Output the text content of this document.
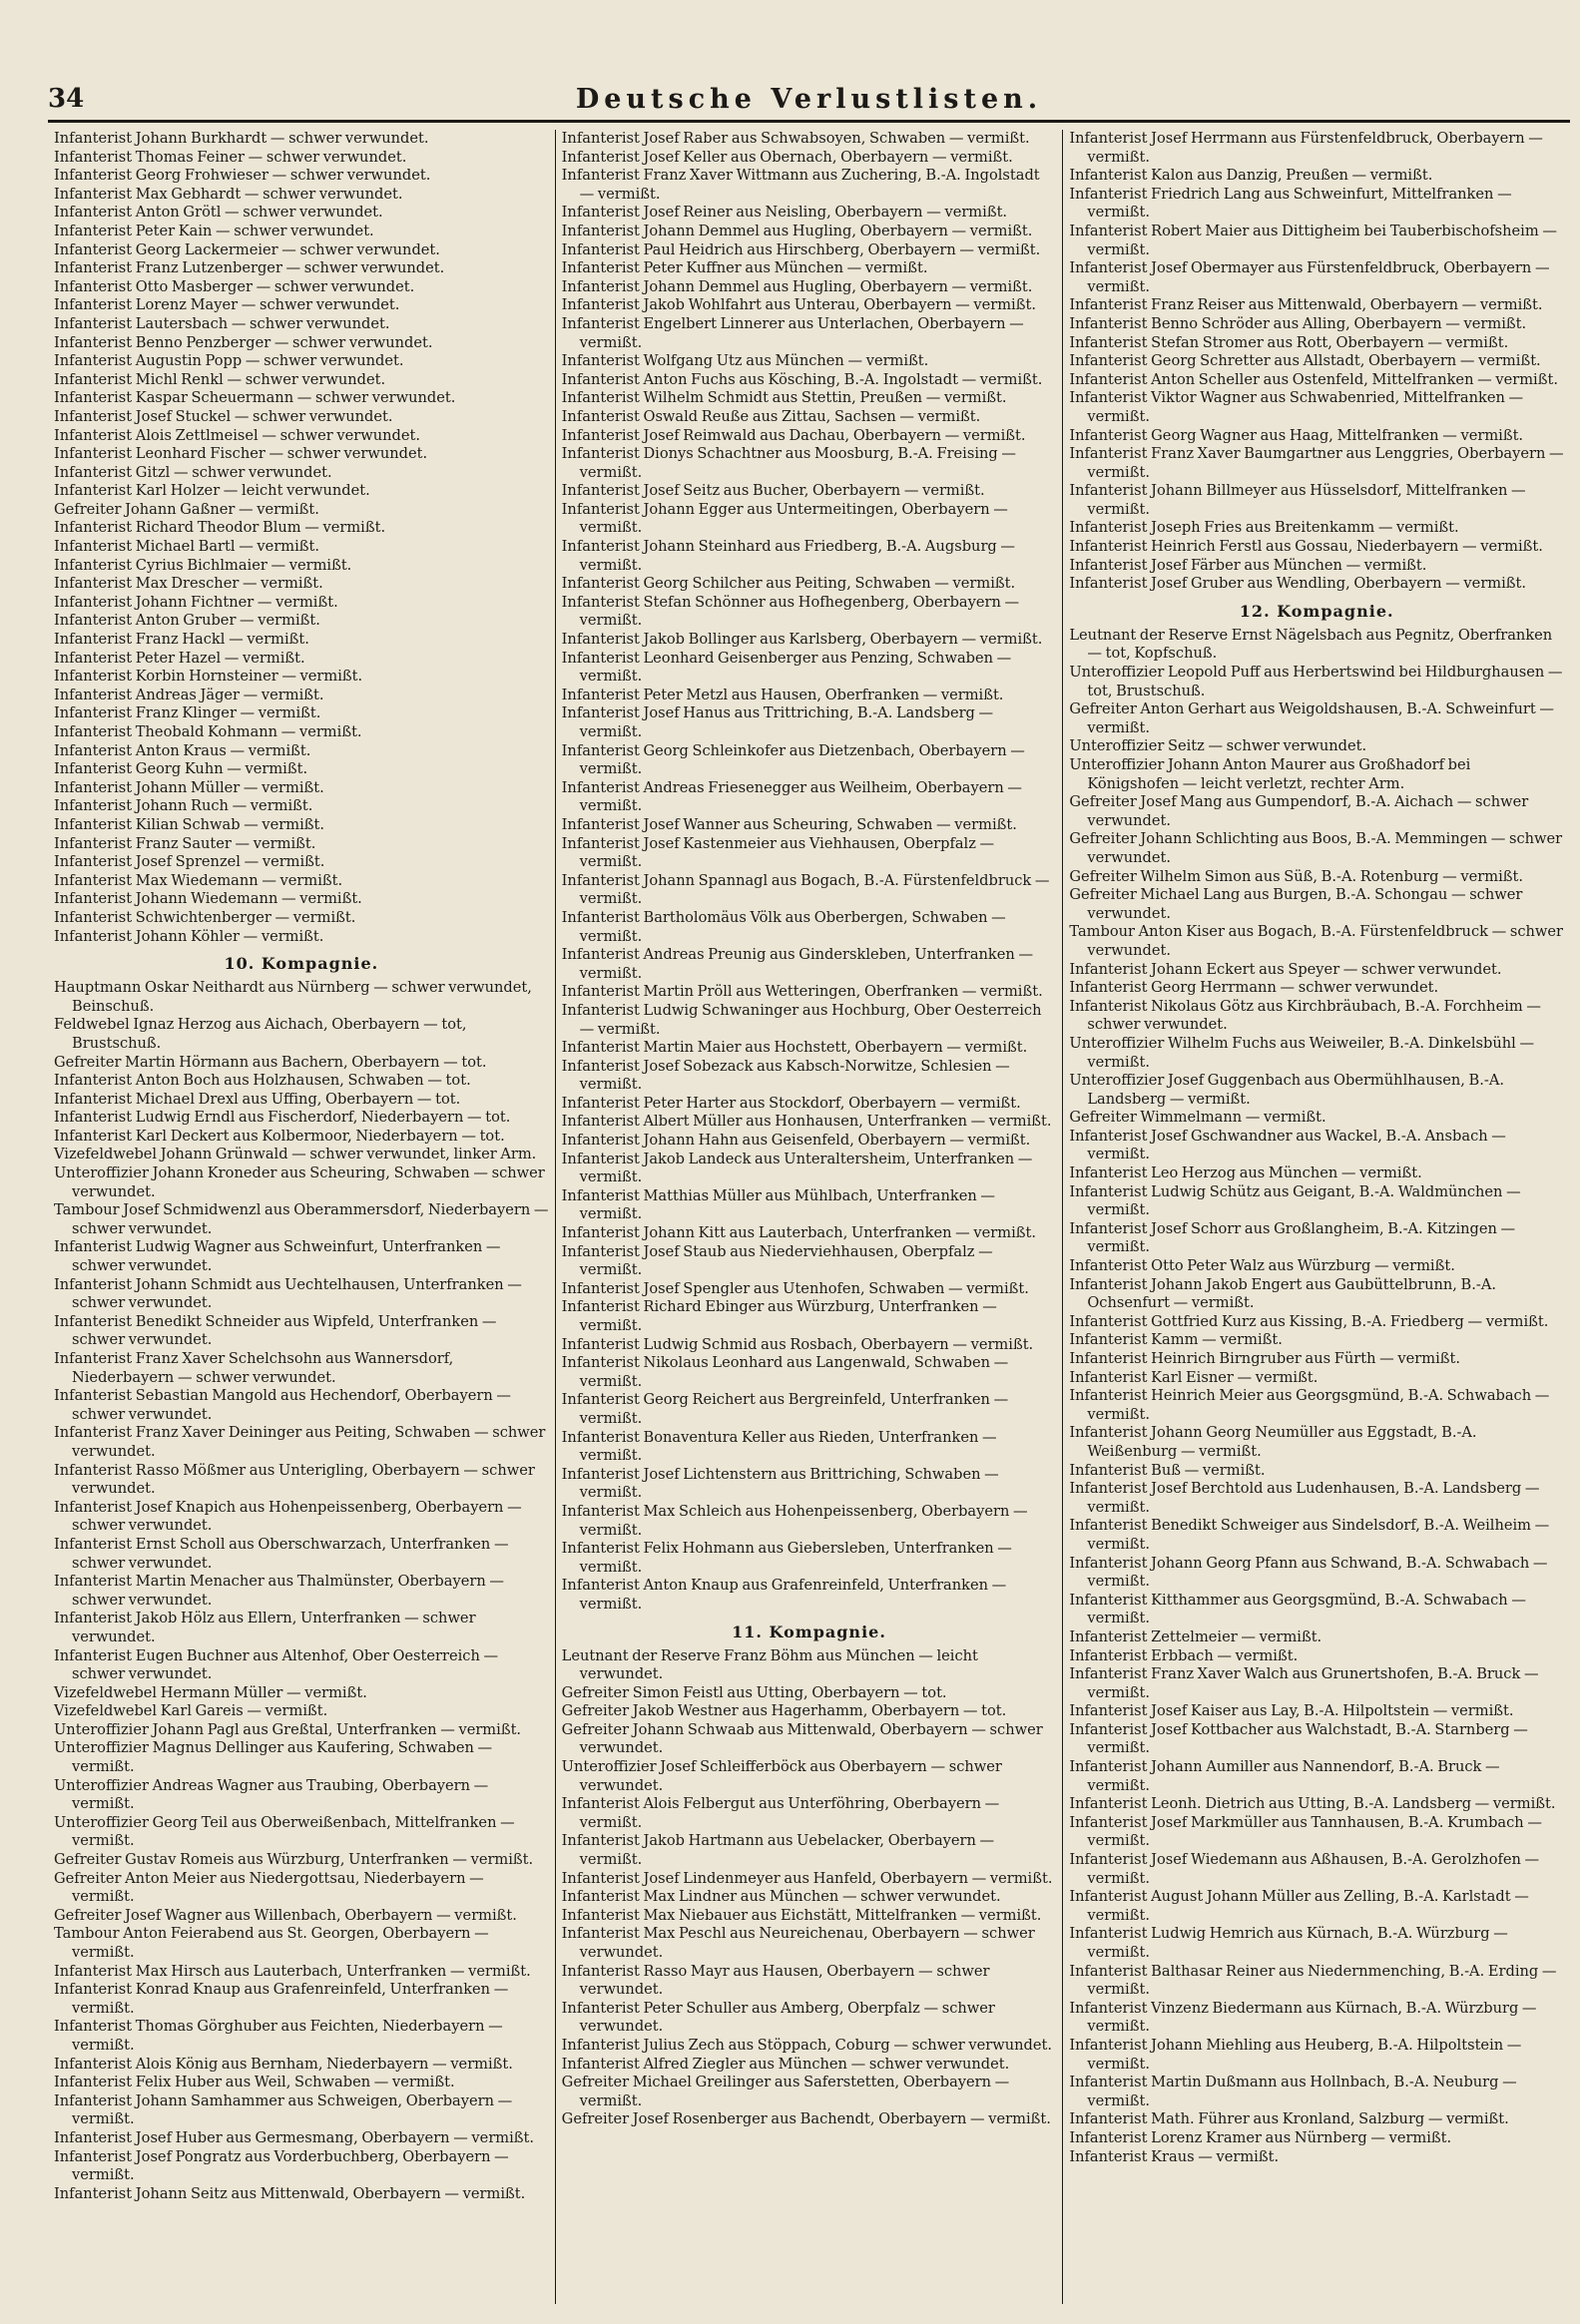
34	Deutsche Verlustlisten.
Infanterist Johann Burkhardt — schwer verwundet.
Infanterist Thomas Feiner — schwer verwundet.
Infanterist Georg Frohwieser — schwer verwundet.
Infanterist Max Gebhardt — schwer verwundet.
Infanterist Anton Grötl — schwer verwundet.
Infanterist Peter Kain — schwer verwundet.
Infanterist Georg Lackermeier — schwer verwundet.
Infanterist Franz Lutzenberger — schwer verwundet.
Infanterist Otto Masberger — schwer verwundet.
Infanterist Lorenz Mayer — schwer verwundet.
Infanterist Lautersbach — schwer verwundet.
Infanterist Benno Penzberger — schwer verwundet.
Infanterist Augustin Popp — schwer verwundet.
Infanterist Michl Renkl — schwer verwundet.
Infanterist Kaspar Scheuermann — schwer verwundet.
Infanterist Josef Stuckel — schwer verwundet.
Infanterist Alois Zettlmeisel — schwer verwundet.
Infanterist Leonhard Fischer — schwer verwundet.
Infanterist Gitzl — schwer verwundet.
Infanterist Karl Holzer — leicht verwundet.
Gefreiter Johann Gaßner — vermißt.
Infanterist Richard Theodor Blum — vermißt.
Infanterist Michael Bartl — vermißt.
Infanterist Cyrius Bichlmaier — vermißt.
Infanterist Max Drescher — vermißt.
Infanterist Johann Fichtner — vermißt.
Infanterist Anton Gruber — vermißt.
Infanterist Franz Hackl — vermißt.
Infanterist Peter Hazel — vermißt.
Infanterist Korbin Hornsteiner — vermißt.
Infanterist Andreas Jäger — vermißt.
Infanterist Franz Klinger — vermißt.
Infanterist Theobald Kohmann — vermißt.
Infanterist Anton Kraus — vermißt.
Infanterist Georg Kuhn — vermißt.
Infanterist Johann Müller — vermißt.
Infanterist Johann Ruch — vermißt.
Infanterist Kilian Schwab — vermißt.
Infanterist Franz Sauter — vermißt.
Infanterist Josef Sprenzel — vermißt.
Infanterist Max Wiedemann — vermißt.
Infanterist Johann Wiedemann — vermißt.
Infanterist Schwichtenberger — vermißt.
Infanterist Johann Köhler — vermißt.
10. Kompagnie.
Hauptmann Oskar Neithardt aus Nürnberg — schwer verwundet, Beinschuß.
Feldwebel Ignaz Herzog aus Aichach, Oberbayern — tot, Brustschuß.
Gefreiter Martin Hörmann aus Bachern, Oberbayern — tot.
Infanterist Anton Boch aus Holzhausen, Schwaben — tot.
Infanterist Michael Drexl aus Uffing, Oberbayern — tot.
Infanterist Ludwig Erndl aus Fischerdorf, Niederbayern — tot.
Infanterist Karl Deckert aus Kolbermoor, Niederbayern — tot.
Vizefeldwebel Johann Grünwald — schwer verwundet, linker Arm.
Unteroffizier Johann Kroneder aus Scheuring, Schwaben — schwer verwundet.
Tambour Josef Schmidwenzl aus Oberammersdorf, Niederbayern — schwer verwundet.
Infanterist Ludwig Wagner aus Schweinfurt, Unterfranken — schwer verwundet.
Infanterist Johann Schmidt aus Uechtelhausen, Unterfranken — schwer verwundet.
Infanterist Benedikt Schneider aus Wipfeld, Unterfranken — schwer verwundet.
Infanterist Franz Xaver Schelchsohn aus Wannersdorf, Niederbayern — schwer verwundet.
Infanterist Sebastian Mangold aus Hechendorf, Oberbayern — schwer verwundet.
Infanterist Franz Xaver Deininger aus Peiting, Schwaben — schwer verwundet.
Infanterist Rasso Mößmer aus Unterigling, Oberbayern — schwer verwundet.
Infanterist Josef Knapich aus Hohenpeissenberg, Oberbayern — schwer verwundet.
Infanterist Ernst Scholl aus Oberschwarzach, Unterfranken — schwer verwundet.
Infanterist Martin Menacher aus Thalmünster, Oberbayern — schwer verwundet.
Infanterist Jakob Hölz aus Ellern, Unterfranken — schwer verwundet.
Infanterist Eugen Buchner aus Altenhof, Ober Oesterreich — schwer verwundet.
Vizefeldwebel Hermann Müller — vermißt.
Vizefeldwebel Karl Gareis — vermißt.
Unteroffizier Johann Pagl aus Greßtal, Unterfranken — vermißt.
Unteroffizier Magnus Dellinger aus Kaufering, Schwaben — vermißt.
Unteroffizier Andreas Wagner aus Traubing, Oberbayern — vermißt.
Unteroffizier Georg Teil aus Oberweißenbach, Mittelfranken — vermißt.
Gefreiter Gustav Romeis aus Würzburg, Unterfranken — vermißt.
Gefreiter Anton Meier aus Niedergottsau, Niederbayern — vermißt.
Gefreiter Josef Wagner aus Willenbach, Oberbayern — vermißt.
Tambour Anton Feierabend aus St. Georgen, Oberbayern — vermißt.
Infanterist Max Hirsch aus Lauterbach, Unterfranken — vermißt.
Infanterist Konrad Knaup aus Grafenreinfeld, Unterfranken — vermißt.
Infanterist Thomas Görghuber aus Feichten, Niederbayern — vermißt.
Infanterist Alois König aus Bernham, Niederbayern — vermißt.
Infanterist Felix Huber aus Weil, Schwaben — vermißt.
Infanterist Johann Samhammer aus Schweigen, Oberbayern — vermißt.
Infanterist Josef Huber aus Germesmang, Oberbayern — vermißt.
Infanterist Josef Pongratz aus Vorderbuchberg, Oberbayern — vermißt.
Infanterist Johann Seitz aus Mittenwald, Oberbayern — vermißt.
Infanterist Josef Raber aus Schwabsoyen, Schwaben — vermißt.
Infanterist Josef Keller aus Obernach, Oberbayern — vermißt.
Infanterist Franz Xaver Wittmann aus Zuchering, B.-A. Ingolstadt — vermißt.
Infanterist Josef Reiner aus Neisling, Oberbayern — vermißt.
Infanterist Johann Demmel aus Hugling, Oberbayern — vermißt.
Infanterist Paul Heidrich aus Hirschberg, Oberbayern — vermißt.
Infanterist Peter Kuffner aus München — vermißt.
Infanterist Johann Demmel aus Hugling, Oberbayern — vermißt.
Infanterist Jakob Wohlfahrt aus Unterau, Oberbayern — vermißt.
Infanterist Engelbert Linnerer aus Unterlachen, Oberbayern — vermißt.
Infanterist Wolfgang Utz aus München — vermißt.
Infanterist Anton Fuchs aus Kösching, B.-A. Ingolstadt — vermißt.
Infanterist Wilhelm Schmidt aus Stettin, Preußen — vermißt.
Infanterist Oswald Reuße aus Zittau, Sachsen — vermißt.
Infanterist Josef Reimwald aus Dachau, Oberbayern — vermißt.
Infanterist Dionys Schachtner aus Moosburg, B.-A. Freising — vermißt.
Infanterist Josef Seitz aus Bucher, Oberbayern — vermißt.
Infanterist Johann Egger aus Untermeitingen, Oberbayern — vermißt.
Infanterist Johann Steinhard aus Friedberg, B.-A. Augsburg — vermißt.
Infanterist Georg Schilcher aus Peiting, Schwaben — vermißt.
Infanterist Stefan Schönner aus Hofhegenberg, Oberbayern — vermißt.
Infanterist Jakob Bollinger aus Karlsberg, Oberbayern — vermißt.
Infanterist Leonhard Geisenberger aus Penzing, Schwaben — vermißt.
Infanterist Peter Metzl aus Hausen, Oberfranken — vermißt.
Infanterist Josef Hanus aus Trittriching, B.-A. Landsberg — vermißt.
Infanterist Georg Schleinkofer aus Dietzenbach, Oberbayern — vermißt.
Infanterist Andreas Friesenegger aus Weilheim, Oberbayern — vermißt.
Infanterist Josef Wanner aus Scheuring, Schwaben — vermißt.
Infanterist Josef Kastenmeier aus Viehhausen, Oberpfalz — vermißt.
Infanterist Johann Spannagl aus Bogach, B.-A. Fürstenfeldbruck — vermißt.
Infanterist Bartholomäus Völk aus Oberbergen, Schwaben — vermißt.
Infanterist Andreas Preunig aus Ginderskleben, Unterfranken — vermißt.
Infanterist Martin Pröll aus Wetteringen, Oberfranken — vermißt.
Infanterist Ludwig Schwaninger aus Hochburg, Ober Oesterreich — vermißt.
Infanterist Martin Maier aus Hochstett, Oberbayern — vermißt.
Infanterist Josef Sobezack aus Kabsch-Norwitze, Schlesien — vermißt.
Infanterist Peter Harter aus Stockdorf, Oberbayern — vermißt.
Infanterist Albert Müller aus Honhausen, Unterfranken — vermißt.
Infanterist Johann Hahn aus Geisenfeld, Oberbayern — vermißt.
Infanterist Jakob Landeck aus Unteraltersheim, Unterfranken — vermißt.
Infanterist Matthias Müller aus Mühlbach, Unterfranken — vermißt.
Infanterist Johann Kitt aus Lauterbach, Unterfranken — vermißt.
Infanterist Josef Staub aus Niederviehhausen, Oberpfalz — vermißt.
Infanterist Josef Spengler aus Utenhofen, Schwaben — vermißt.
Infanterist Richard Ebinger aus Würzburg, Unterfranken — vermißt.
Infanterist Ludwig Schmid aus Rosbach, Oberbayern — vermißt.
Infanterist Nikolaus Leonhard aus Langenwald, Schwaben — vermißt.
Infanterist Georg Reichert aus Bergreinfeld, Unterfranken — vermißt.
Infanterist Bonaventura Keller aus Rieden, Unterfranken — vermißt.
Infanterist Josef Lichtenstern aus Brittriching, Schwaben — vermißt.
Infanterist Max Schleich aus Hohenpeissenberg, Oberbayern — vermißt.
Infanterist Felix Hohmann aus Giebersleben, Unterfranken — vermißt.
Infanterist Anton Knaup aus Grafenreinfeld, Unterfranken — vermißt.
11. Kompagnie.
Leutnant der Reserve Franz Böhm aus München — leicht verwundet.
Gefreiter Simon Feistl aus Utting, Oberbayern — tot.
Gefreiter Jakob Westner aus Hagerhamm, Oberbayern — tot.
Gefreiter Johann Schwaab aus Mittenwald, Oberbayern — schwer verwundet.
Unteroffizier Josef Schleifferböck aus Oberbayern — schwer verwundet.
Infanterist Alois Felbergut aus Unterföhring, Oberbayern — vermißt.
Infanterist Jakob Hartmann aus Uebelacker, Oberbayern — vermißt.
Infanterist Josef Lindenmeyer aus Hanfeld, Oberbayern — vermißt.
Infanterist Max Lindner aus München — schwer verwundet.
Infanterist Max Niebauer aus Eichstätt, Mittelfranken — vermißt.
Infanterist Max Peschl aus Neureichenau, Oberbayern — schwer verwundet.
Infanterist Rasso Mayr aus Hausen, Oberbayern — schwer verwundet.
Infanterist Peter Schuller aus Amberg, Oberpfalz — schwer verwundet.
Infanterist Julius Zech aus Stöppach, Coburg — schwer verwundet.
Infanterist Alfred Ziegler aus München — schwer verwundet.
Gefreiter Michael Greilinger aus Saferstetten, Oberbayern — vermißt.
Gefreiter Josef Rosenberger aus Bachendt, Oberbayern — vermißt.
Infanterist Josef Herrmann aus Fürstenfeldbruck, Oberbayern — vermißt.
Infanterist Kalon aus Danzig, Preußen — vermißt.
Infanterist Friedrich Lang aus Schweinfurt, Mittelfranken — vermißt.
Infanterist Robert Maier aus Dittigheim bei Tauberbischofsheim — vermißt.
Infanterist Josef Obermayer aus Fürstenfeldbruck, Oberbayern — vermißt.
Infanterist Franz Reiser aus Mittenwald, Oberbayern — vermißt.
Infanterist Benno Schröder aus Alling, Oberbayern — vermißt.
Infanterist Stefan Stromer aus Rott, Oberbayern — vermißt.
Infanterist Georg Schretter aus Allstadt, Oberbayern — vermißt.
Infanterist Anton Scheller aus Ostenfeld, Mittelfranken — vermißt.
Infanterist Viktor Wagner aus Schwabenried, Mittelfranken — vermißt.
Infanterist Georg Wagner aus Haag, Mittelfranken — vermißt.
Infanterist Franz Xaver Baumgartner aus Lenggries, Oberbayern — vermißt.
Infanterist Johann Billmeyer aus Hüsselsdorf, Mittelfranken — vermißt.
Infanterist Joseph Fries aus Breitenkamm — vermißt.
Infanterist Heinrich Ferstl aus Gossau, Niederbayern — vermißt.
Infanterist Josef Färber aus München — vermißt.
Infanterist Josef Gruber aus Wendling, Oberbayern — vermißt.
12. Kompagnie.
Leutnant der Reserve Ernst Nägelsbach aus Pegnitz, Oberfranken — tot, Kopfschuß.
Unteroffizier Leopold Puff aus Herbertswind bei Hildburghausen — tot, Brustschuß.
Gefreiter Anton Gerhart aus Weigoldshausen, B.-A. Schweinfurt — vermißt.
Unteroffizier Seitz — schwer verwundet.
Unteroffizier Johann Anton Maurer aus Großhadorf bei Königshofen — leicht verletzt, rechter Arm.
Gefreiter Josef Mang aus Gumpendorf, B.-A. Aichach — schwer verwundet.
Gefreiter Johann Schlichting aus Boos, B.-A. Memmingen — schwer verwundet.
Gefreiter Wilhelm Simon aus Süß, B.-A. Rotenburg — vermißt.
Gefreiter Michael Lang aus Burgen, B.-A. Schongau — schwer verwundet.
Tambour Anton Kiser aus Bogach, B.-A. Fürstenfeldbruck — schwer verwundet.
Infanterist Johann Eckert aus Speyer — schwer verwundet.
Infanterist Georg Herrmann — schwer verwundet.
Infanterist Nikolaus Götz aus Kirchbräubach, B.-A. Forchheim — schwer verwundet.
Unteroffizier Wilhelm Fuchs aus Weiweiler, B.-A. Dinkelsbühl — vermißt.
Unteroffizier Josef Guggenbach aus Obermühlhausen, B.-A. Landsberg — vermißt.
Gefreiter Wimmelmann — vermißt.
Infanterist Josef Gschwandner aus Wackel, B.-A. Ansbach — vermißt.
Infanterist Leo Herzog aus München — vermißt.
Infanterist Ludwig Schütz aus Geigant, B.-A. Waldmünchen — vermißt.
Infanterist Josef Schorr aus Großlangheim, B.-A. Kitzingen — vermißt.
Infanterist Otto Peter Walz aus Würzburg — vermißt.
Infanterist Johann Jakob Engert aus Gaubüttelbrunn, B.-A. Ochsenfurt — vermißt.
Infanterist Gottfried Kurz aus Kissing, B.-A. Friedberg — vermißt.
Infanterist Kamm — vermißt.
Infanterist Heinrich Birngruber aus Fürth — vermißt.
Infanterist Karl Eisner — vermißt.
Infanterist Heinrich Meier aus Georgsgmünd, B.-A. Schwabach — vermißt.
Infanterist Johann Georg Neumüller aus Eggstadt, B.-A. Weißenburg — vermißt.
Infanterist Buß — vermißt.
Infanterist Josef Berchtold aus Ludenhausen, B.-A. Landsberg — vermißt.
Infanterist Benedikt Schweiger aus Sindelsdorf, B.-A. Weilheim — vermißt.
Infanterist Johann Georg Pfann aus Schwand, B.-A. Schwabach — vermißt.
Infanterist Kitthammer aus Georgsgmünd, B.-A. Schwabach — vermißt.
Infanterist Zettelmeier — vermißt.
Infanterist Erbbach — vermißt.
Infanterist Franz Xaver Walch aus Grunertshofen, B.-A. Bruck — vermißt.
Infanterist Josef Kaiser aus Lay, B.-A. Hilpoltstein — vermißt.
Infanterist Josef Kottbacher aus Walchstadt, B.-A. Starnberg — vermißt.
Infanterist Johann Aumiller aus Nannendorf, B.-A. Bruck — vermißt.
Infanterist Leonh. Dietrich aus Utting, B.-A. Landsberg — vermißt.
Infanterist Josef Markmüller aus Tannhausen, B.-A. Krumbach — vermißt.
Infanterist Josef Wiedemann aus Aßhausen, B.-A. Gerolzhofen — vermißt.
Infanterist August Johann Müller aus Zelling, B.-A. Karlstadt — vermißt.
Infanterist Ludwig Hemrich aus Kürnach, B.-A. Würzburg — vermißt.
Infanterist Balthasar Reiner aus Niedernmenching, B.-A. Erding — vermißt.
Infanterist Vinzenz Biedermann aus Kürnach, B.-A. Würzburg — vermißt.
Infanterist Johann Miehling aus Heuberg, B.-A. Hilpoltstein — vermißt.
Infanterist Martin Dußmann aus Hollnbach, B.-A. Neuburg — vermißt.
Infanterist Math. Führer aus Kronland, Salzburg — vermißt.
Infanterist Lorenz Kramer aus Nürnberg — vermißt.
Infanterist Kraus — vermißt.
